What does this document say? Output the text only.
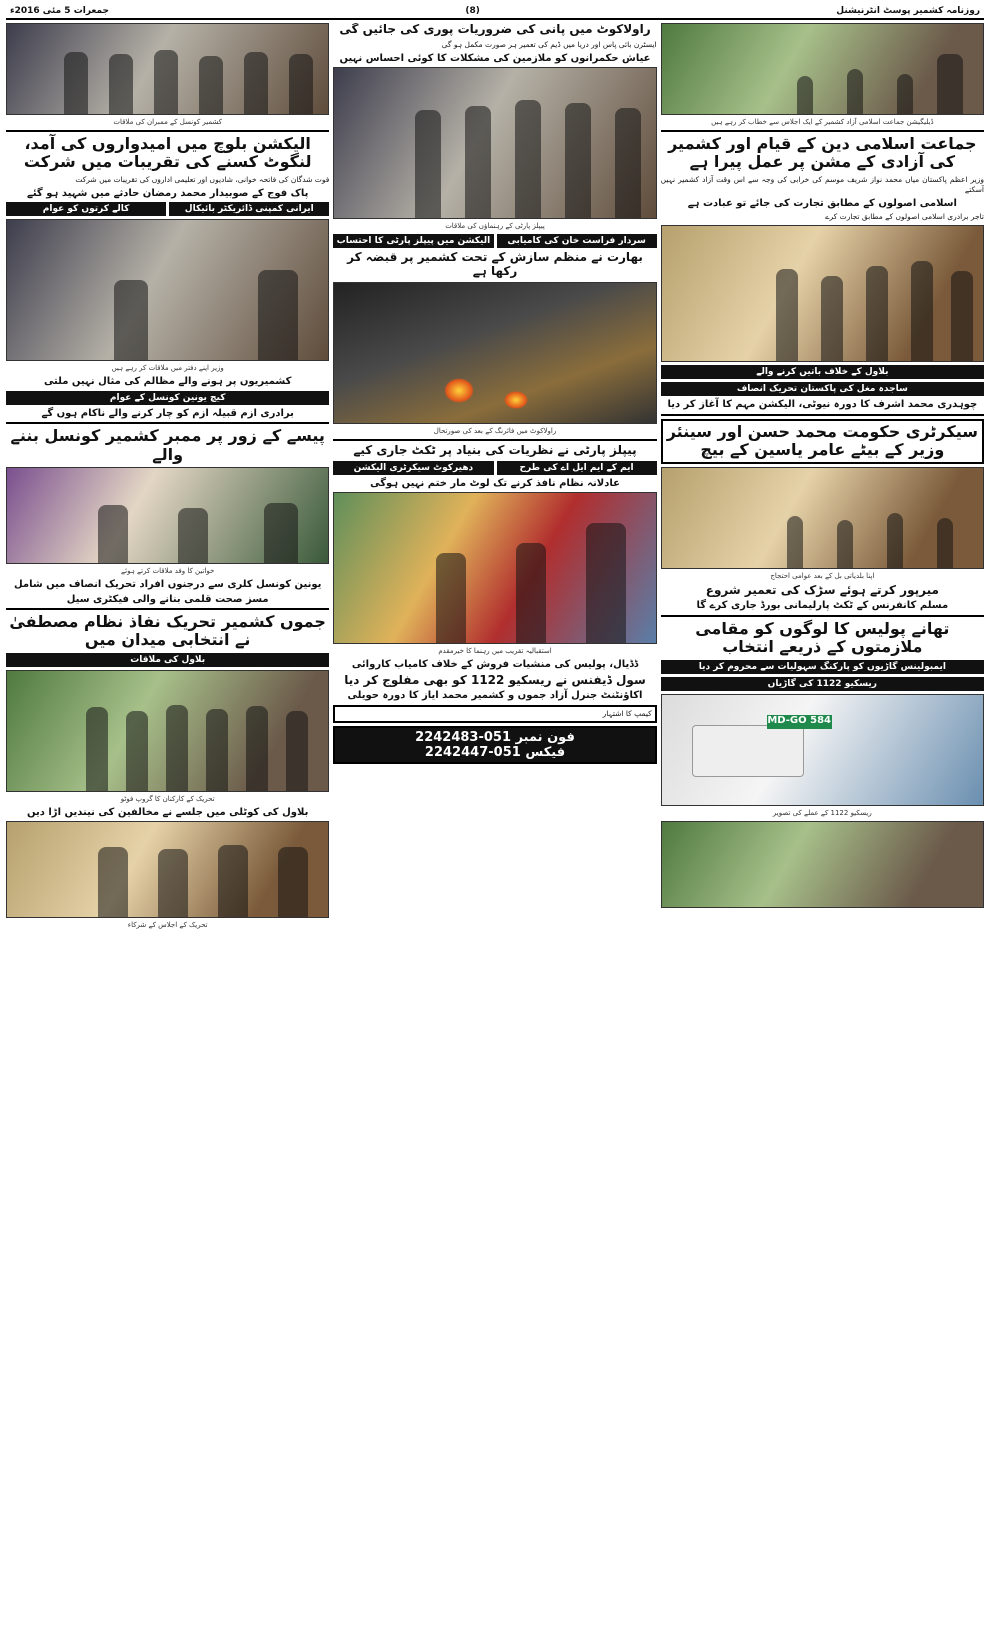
جمعرات 5 مئی 2016ء	(8)	روزنامہ کشمیر پوسٹ انٹرنیشنل
ڈیلیگیشن جماعت اسلامی آزاد کشمیر کے ایک اجلاس سے خطاب کر رہے ہیں
جماعت اسلامی دین کے قیام اور کشمیر کی آزادی کے مشن پر عمل پیرا ہے
وزیر اعظم پاکستان میاں محمد نواز شریف موسم کی خرابی کی وجہ سے اس وقت آزاد کشمیر نہیں آسکتے
اسلامی اصولوں کے مطابق تجارت کی جائے تو عبادت ہے
تاجر برادری اسلامی اصولوں کے مطابق تجارت کرے
بلاول کے خلاف باتیں کرنے والے
ساجدہ مغل کی پاکستان تحریک انصاف
چوہدری محمد اشرف کا دورہ نیوٹی، الیکشن مہم کا آغاز کر دیا
سیکرٹری حکومت محمد حسن اور سینئر وزیر کے بیٹے عامر یاسین کے بیچ
اپنا بلدیاتی بل کے بعد عوامی احتجاج
میرپور کرتے ہوئے سڑک کی تعمیر شروع
مسلم کانفرنس کے ٹکٹ پارلیمانی بورڈ جاری کرے گا
تھانے پولیس کا لوگوں کو مقامی ملازمتوں کے ذریعے انتخاب
ایمبولینس گاڑیوں کو پارکنگ سہولیات سے محروم کر دیا
ریسکیو 1122 کی گاڑیاں
MD-GO 584
ریسکیو 1122 کے عملے کی تصویر
راولاکوٹ میں پانی کی ضروریات پوری کی جائیں گی
ایسٹرن بائی پاس اور دریا میں ڈیم کی تعمیر ہر صورت مکمل ہو گی
عیاش حکمرانوں کو ملازمین کی مشکلات کا کوئی احساس نہیں
پیپلز پارٹی کے رہنماؤں کی ملاقات
سردار فراست خان کی کامیابی
الیکشن میں پیپلز پارٹی کا احتساب
بھارت نے منظم سازش کے تحت کشمیر پر قبضہ کر رکھا ہے
راولاکوٹ میں فائرنگ کے بعد کی صورتحال
پیپلز پارٹی نے نظریات کی بنیاد پر ٹکٹ جاری کیے
ایم کے ایم ایل اے کی طرح
دھیرکوٹ سیکرٹری الیکشن
عادلانہ نظام نافذ کرنے تک لوٹ مار ختم نہیں ہوگی
استقبالیہ تقریب میں رہنما کا خیرمقدم
ڈڈیال، پولیس کی منشیات فروش کے خلاف کامیاب کاروائی
سول ڈیفنس نے ریسکیو 1122 کو بھی مفلوج کر دیا
اکاؤنٹنٹ جنرل آزاد جموں و کشمیر محمد ایاز کا دورہ حویلی
کیمپ کا اشتہار
فون نمبر 051-2242483
فیکس 051-2242447
کشمیر کونسل کے ممبران کی ملاقات
الیکشن بلوچ میں امیدواروں کی آمد، لنگوٹ کسنے کی تقریبات میں شرکت
فوت شدگان کی فاتحہ خوانی، شادیوں اور تعلیمی اداروں کی تقریبات میں شرکت
پاک فوج کے صوبیدار محمد رمضان حادثے میں شہید ہو گئے
ایرانی کمپنی ڈائریکٹر بائیکال
کالے کرتوں کو عوام
وزیر اپنے دفتر میں ملاقات کر رہے ہیں
کشمیریوں پر ہونے والے مظالم کی مثال نہیں ملتی
کیچ یونین کونسل کے عوام
برادری ازم قبیلہ ازم کو چار کرنے والے ناکام ہوں گے
پیسے کے زور پر ممبر کشمیر کونسل بننے والے
خواتین کا وفد ملاقات کرتے ہوئے
یونین کونسل کلری سے درجنوں افراد تحریک انصاف میں شامل
مسز صحت قلمی بنانے والی فیکٹری سیل
جموں کشمیر تحریک نفاذ نظام مصطفیٰ نے انتخابی میدان میں
بلاول کی ملاقات
تحریک کے کارکنان کا گروپ فوٹو
بلاول کی کوٹلی میں جلسے نے مخالفین کی نیندیں اڑا دیں
تحریک کے اجلاس کے شرکاء
